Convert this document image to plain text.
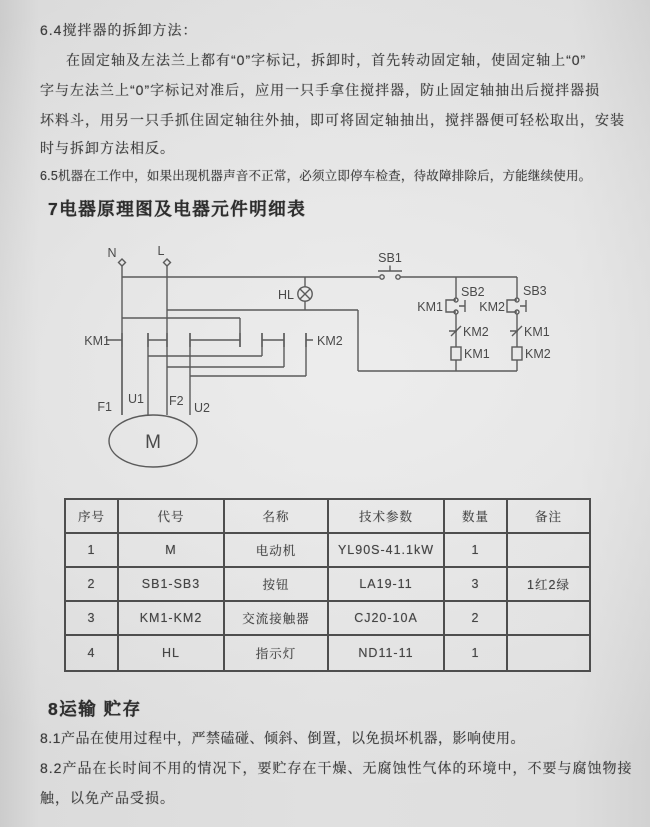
6.4搅拌器的拆卸方法：
在固定轴及左法兰上都有“0”字标记，拆卸时，首先转动固定轴，使固定轴上“0”
字与左法兰上“0”字标记对准后，应用一只手拿住搅拌器，防止固定轴抽出后搅拌器损
坏料斗，用另一只手抓住固定轴往外抽，即可将固定轴抽出，搅拌器便可轻松取出，安装
时与拆卸方法相反。
6.5机器在工作中，如果出现机器声音不正常，必须立即停车检查，待故障排除后，方能继续使用。
7电器原理图及电器元件明细表
N	L	SB1
HL
KM1	KM2
KM1
SB2
KM2
KM1
KM2
SB3
KM1
KM2
F1
U1 F2 U2
M
序号	代号	名称	技术参数	数量	备注
1	M	电动机	YL90S-41.1kW	1
2	SB1-SB3	按钮	LA19-11	3	1红2绿
3	KM1-KM2	交流接触器	CJ20-10A	2
4	HL	指示灯	ND11-11	1
8运输 贮存
8.1产品在使用过程中，严禁磕碰、倾斜、倒置，以免损坏机器，影响使用。
8.2产品在长时间不用的情况下，要贮存在干燥、无腐蚀性气体的环境中，不要与腐蚀物接
触，以免产品受损。
